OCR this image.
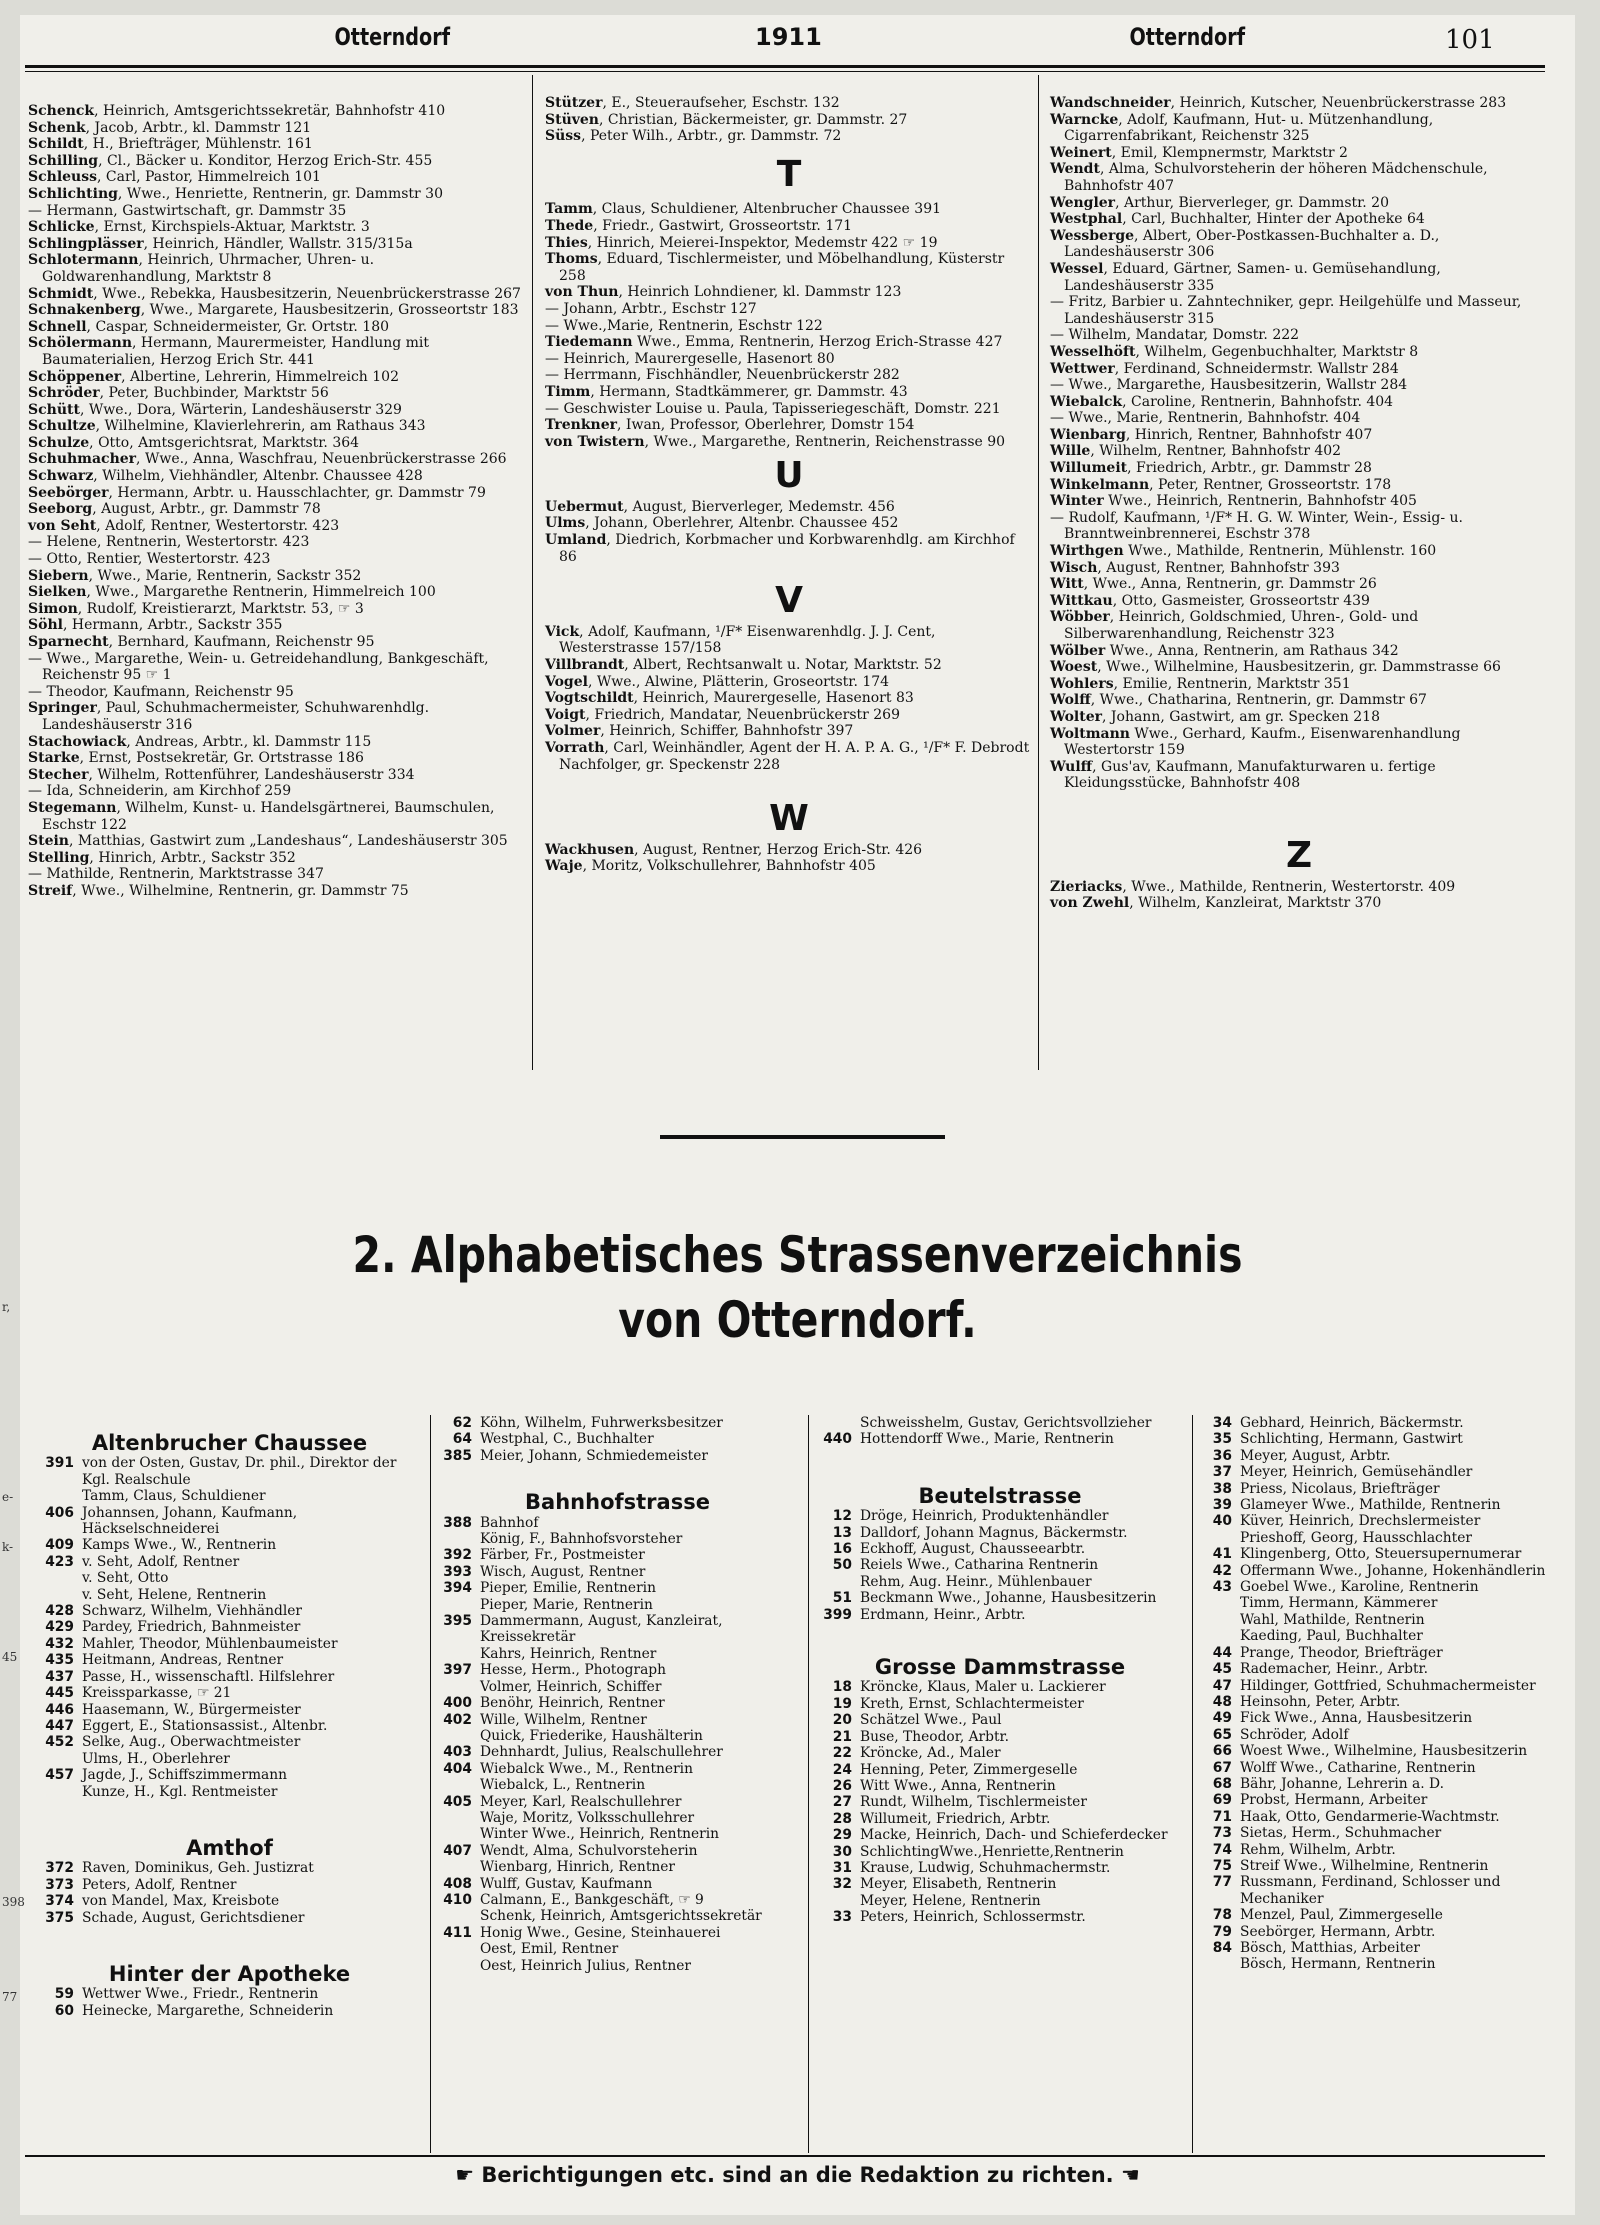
Otterndorf	1911	Otterndorf	101
Schenck, Heinrich, Amtsgerichtssekretär, Bahnhofstr 410
Schenk, Jacob, Arbtr., kl. Dammstr 121
Schildt, H., Briefträger, Mühlenstr. 161
Schilling, Cl., Bäcker u. Konditor, Herzog Erich-Str. 455
Schleuss, Carl, Pastor, Himmelreich 101
Schlichting, Wwe., Henriette, Rentnerin, gr. Dammstr 30
— Hermann, Gastwirtschaft, gr. Dammstr 35
Schlicke, Ernst, Kirchspiels-Aktuar, Marktstr. 3
Schlingplässer, Heinrich, Händler, Wallstr. 315/315a
Schlotermann, Heinrich, Uhrmacher, Uhren- u. Goldwarenhandlung, Marktstr 8
Schmidt, Wwe., Rebekka, Hausbesitzerin, Neuenbrückerstrasse 267
Schnakenberg, Wwe., Margarete, Hausbesitzerin, Grosseortstr 183
Schnell, Caspar, Schneidermeister, Gr. Ortstr. 180
Schölermann, Hermann, Maurermeister, Handlung mit Baumaterialien, Herzog Erich Str. 441
Schöppener, Albertine, Lehrerin, Himmelreich 102
Schröder, Peter, Buchbinder, Marktstr 56
Schütt, Wwe., Dora, Wärterin, Landeshäuserstr 329
Schultze, Wilhelmine, Klavierlehrerin, am Rathaus 343
Schulze, Otto, Amtsgerichtsrat, Marktstr. 364
Schuhmacher, Wwe., Anna, Waschfrau, Neuenbrückerstrasse 266
Schwarz, Wilhelm, Viehhändler, Altenbr. Chaussee 428
Seebörger, Hermann, Arbtr. u. Hausschlachter, gr. Dammstr 79
Seeborg, August, Arbtr., gr. Dammstr 78
von Seht, Adolf, Rentner, Westertorstr. 423
— Helene, Rentnerin, Westertorstr. 423
— Otto, Rentier, Westertorstr. 423
Siebern, Wwe., Marie, Rentnerin, Sackstr 352
Sielken, Wwe., Margarethe Rentnerin, Himmelreich 100
Simon, Rudolf, Kreistierarzt, Marktstr. 53, ☞ 3
Söhl, Hermann, Arbtr., Sackstr 355
Sparnecht, Bernhard, Kaufmann, Reichenstr 95
— Wwe., Margarethe, Wein- u. Getreidehandlung, Bankgeschäft, Reichenstr 95 ☞ 1
— Theodor, Kaufmann, Reichenstr 95
Springer, Paul, Schuhmachermeister, Schuhwarenhdlg. Landeshäuserstr 316
Stachowiack, Andreas, Arbtr., kl. Dammstr 115
Starke, Ernst, Postsekretär, Gr. Ortstrasse 186
Stecher, Wilhelm, Rottenführer, Landeshäuserstr 334
— Ida, Schneiderin, am Kirchhof 259
Stegemann, Wilhelm, Kunst- u. Handelsgärtnerei, Baumschulen, Eschstr 122
Stein, Matthias, Gastwirt zum „Landeshaus“, Landeshäuserstr 305
Stelling, Hinrich, Arbtr., Sackstr 352
— Mathilde, Rentnerin, Marktstrasse 347
Streif, Wwe., Wilhelmine, Rentnerin, gr. Dammstr 75
Stützer, E., Steueraufseher, Eschstr. 132
Stüven, Christian, Bäckermeister, gr. Dammstr. 27
Süss, Peter Wilh., Arbtr., gr. Dammstr. 72
T
Tamm, Claus, Schuldiener, Altenbrucher Chaussee 391
Thede, Friedr., Gastwirt, Grosseortstr. 171
Thies, Hinrich, Meierei-Inspektor, Medemstr 422 ☞ 19
Thoms, Eduard, Tischlermeister, und Möbelhandlung, Küsterstr 258
von Thun, Heinrich Lohndiener, kl. Dammstr 123
— Johann, Arbtr., Eschstr 127
— Wwe.,Marie, Rentnerin, Eschstr 122
Tiedemann Wwe., Emma, Rentnerin, Herzog Erich-Strasse 427
— Heinrich, Maurergeselle, Hasenort 80
— Herrmann, Fischhändler, Neuenbrückerstr 282
Timm, Hermann, Stadtkämmerer, gr. Dammstr. 43
— Geschwister Louise u. Paula, Tapisseriegeschäft, Domstr. 221
Trenkner, Iwan, Professor, Oberlehrer, Domstr 154
von Twistern, Wwe., Margarethe, Rentnerin, Reichenstrasse 90
U
Uebermut, August, Bierverleger, Medemstr. 456
Ulms, Johann, Oberlehrer, Altenbr. Chaussee 452
Umland, Diedrich, Korbmacher und Korbwarenhdlg. am Kirchhof 86
V
Vick, Adolf, Kaufmann, ¹/F* Eisenwarenhdlg. J. J. Cent, Westerstrasse 157/158
Villbrandt, Albert, Rechtsanwalt u. Notar, Marktstr. 52
Vogel, Wwe., Alwine, Plätterin, Groseortstr. 174
Vogtschildt, Heinrich, Maurergeselle, Hasenort 83
Voigt, Friedrich, Mandatar, Neuenbrückerstr 269
Volmer, Heinrich, Schiffer, Bahnhofstr 397
Vorrath, Carl, Weinhändler, Agent der H. A. P. A. G., ¹/F* F. Debrodt Nachfolger, gr. Speckenstr 228
W
Wackhusen, August, Rentner, Herzog Erich-Str. 426
Waje, Moritz, Volkschullehrer, Bahnhofstr 405
Wandschneider, Heinrich, Kutscher, Neuenbrückerstrasse 283
Warncke, Adolf, Kaufmann, Hut- u. Mützenhandlung, Cigarrenfabrikant, Reichenstr 325
Weinert, Emil, Klempnermstr, Marktstr 2
Wendt, Alma, Schulvorsteherin der höheren Mädchenschule, Bahnhofstr 407
Wengler, Arthur, Bierverleger, gr. Dammstr. 20
Westphal, Carl, Buchhalter, Hinter der Apotheke 64
Wessberge, Albert, Ober-Postkassen-Buchhalter a. D., Landeshäuserstr 306
Wessel, Eduard, Gärtner, Samen- u. Gemüsehandlung, Landeshäuserstr 335
— Fritz, Barbier u. Zahntechniker, gepr. Heilgehülfe und Masseur, Landeshäuserstr 315
— Wilhelm, Mandatar, Domstr. 222
Wesselhöft, Wilhelm, Gegenbuchhalter, Marktstr 8
Wettwer, Ferdinand, Schneidermstr. Wallstr 284
— Wwe., Margarethe, Hausbesitzerin, Wallstr 284
Wiebalck, Caroline, Rentnerin, Bahnhofstr. 404
— Wwe., Marie, Rentnerin, Bahnhofstr. 404
Wienbarg, Hinrich, Rentner, Bahnhofstr 407
Wille, Wilhelm, Rentner, Bahnhofstr 402
Willumeit, Friedrich, Arbtr., gr. Dammstr 28
Winkelmann, Peter, Rentner, Grosseortstr. 178
Winter Wwe., Heinrich, Rentnerin, Bahnhofstr 405
— Rudolf, Kaufmann, ¹/F* H. G. W. Winter, Wein-, Essig- u. Branntweinbrennerei, Eschstr 378
Wirthgen Wwe., Mathilde, Rentnerin, Mühlenstr. 160
Wisch, August, Rentner, Bahnhofstr 393
Witt, Wwe., Anna, Rentnerin, gr. Dammstr 26
Wittkau, Otto, Gasmeister, Grosseortstr 439
Wöbber, Heinrich, Goldschmied, Uhren-, Gold- und Silberwarenhandlung, Reichenstr 323
Wölber Wwe., Anna, Rentnerin, am Rathaus 342
Woest, Wwe., Wilhelmine, Hausbesitzerin, gr. Dammstrasse 66
Wohlers, Emilie, Rentnerin, Marktstr 351
Wolff, Wwe., Chatharina, Rentnerin, gr. Dammstr 67
Wolter, Johann, Gastwirt, am gr. Specken 218
Woltmann Wwe., Gerhard, Kaufm., Eisenwarenhandlung Westertorstr 159
Wulff, Gus'av, Kaufmann, Manufakturwaren u. fertige Kleidungsstücke, Bahnhofstr 408
Z
Zieriacks, Wwe., Mathilde, Rentnerin, Westertorstr. 409
von Zwehl, Wilhelm, Kanzleirat, Marktstr 370
2. Alphabetisches Strassenverzeichnis
von Otterndorf.
Altenbrucher Chaussee
391 von der Osten, Gustav, Dr. phil., Direktor der Kgl. Realschule
Tamm, Claus, Schuldiener
406 Johannsen, Johann, Kaufmann, Häckselschneiderei
409 Kamps Wwe., W., Rentnerin
423 v. Seht, Adolf, Rentner
v. Seht, Otto
v. Seht, Helene, Rentnerin
428 Schwarz, Wilhelm, Viehhändler
429 Pardey, Friedrich, Bahnmeister
432 Mahler, Theodor, Mühlenbaumeister
435 Heitmann, Andreas, Rentner
437 Passe, H., wissenschaftl. Hilfslehrer
445 Kreissparkasse, ☞ 21
446 Haasemann, W., Bürgermeister
447 Eggert, E., Stationsassist., Altenbr.
452 Selke, Aug., Oberwachtmeister
Ulms, H., Oberlehrer
457 Jagde, J., Schiffszimmermann
Kunze, H., Kgl. Rentmeister
Amthof
372 Raven, Dominikus, Geh. Justizrat
373 Peters, Adolf, Rentner
374 von Mandel, Max, Kreisbote
375 Schade, August, Gerichtsdiener
Hinter der Apotheke
59 Wettwer Wwe., Friedr., Rentnerin
60 Heinecke, Margarethe, Schneiderin
62 Köhn, Wilhelm, Fuhrwerksbesitzer
64 Westphal, C., Buchhalter
385 Meier, Johann, Schmiedemeister
Bahnhofstrasse
388 Bahnhof
König, F., Bahnhofsvorsteher
392 Färber, Fr., Postmeister
393 Wisch, August, Rentner
394 Pieper, Emilie, Rentnerin
Pieper, Marie, Rentnerin
395 Dammermann, August, Kanzleirat, Kreissekretär
Kahrs, Heinrich, Rentner
397 Hesse, Herm., Photograph
Volmer, Heinrich, Schiffer
400 Benöhr, Heinrich, Rentner
402 Wille, Wilhelm, Rentner
Quick, Friederike, Haushälterin
403 Dehnhardt, Julius, Realschullehrer
404 Wiebalck Wwe., M., Rentnerin
Wiebalck, L., Rentnerin
405 Meyer, Karl, Realschullehrer
Waje, Moritz, Volksschullehrer
Winter Wwe., Heinrich, Rentnerin
407 Wendt, Alma, Schulvorsteherin
Wienbarg, Hinrich, Rentner
408 Wulff, Gustav, Kaufmann
410 Calmann, E., Bankgeschäft, ☞ 9
Schenk, Heinrich, Amtsgerichtssekretär
411 Honig Wwe., Gesine, Steinhauerei
Oest, Emil, Rentner
Oest, Heinrich Julius, Rentner
Schweisshelm, Gustav, Gerichtsvollzieher
440 Hottendorff Wwe., Marie, Rentnerin
Beutelstrasse
12 Dröge, Heinrich, Produktenhändler
13 Dalldorf, Johann Magnus, Bäckermstr.
16 Eckhoff, August, Chausseearbtr.
50 Reiels Wwe., Catharina Rentnerin
Rehm, Aug. Heinr., Mühlenbauer
51 Beckmann Wwe., Johanne, Hausbesitzerin
399 Erdmann, Heinr., Arbtr.
Grosse Dammstrasse
18 Kröncke, Klaus, Maler u. Lackierer
19 Kreth, Ernst, Schlachtermeister
20 Schätzel Wwe., Paul
21 Buse, Theodor, Arbtr.
22 Kröncke, Ad., Maler
24 Henning, Peter, Zimmergeselle
26 Witt Wwe., Anna, Rentnerin
27 Rundt, Wilhelm, Tischlermeister
28 Willumeit, Friedrich, Arbtr.
29 Macke, Heinrich, Dach- und Schieferdecker
30 SchlichtingWwe.,Henriette,Rentnerin
31 Krause, Ludwig, Schuhmachermstr.
32 Meyer, Elisabeth, Rentnerin
Meyer, Helene, Rentnerin
33 Peters, Heinrich, Schlossermstr.
34 Gebhard, Heinrich, Bäckermstr.
35 Schlichting, Hermann, Gastwirt
36 Meyer, August, Arbtr.
37 Meyer, Heinrich, Gemüsehändler
38 Priess, Nicolaus, Briefträger
39 Glameyer Wwe., Mathilde, Rentnerin
40 Küver, Heinrich, Drechslermeister
Prieshoff, Georg, Hausschlachter
41 Klingenberg, Otto, Steuersupernumerar
42 Offermann Wwe., Johanne, Hokenhändlerin
43 Goebel Wwe., Karoline, Rentnerin
Timm, Hermann, Kämmerer
Wahl, Mathilde, Rentnerin
Kaeding, Paul, Buchhalter
44 Prange, Theodor, Briefträger
45 Rademacher, Heinr., Arbtr.
47 Hildinger, Gottfried, Schuhmachermeister
48 Heinsohn, Peter, Arbtr.
49 Fick Wwe., Anna, Hausbesitzerin
65 Schröder, Adolf
66 Woest Wwe., Wilhelmine, Hausbesitzerin
67 Wolff Wwe., Catharine, Rentnerin
68 Bähr, Johanne, Lehrerin a. D.
69 Probst, Hermann, Arbeiter
71 Haak, Otto, Gendarmerie-Wachtmstr.
73 Sietas, Herm., Schuhmacher
74 Rehm, Wilhelm, Arbtr.
75 Streif Wwe., Wilhelmine, Rentnerin
77 Russmann, Ferdinand, Schlosser und Mechaniker
78 Menzel, Paul, Zimmergeselle
79 Seebörger, Hermann, Arbtr.
84 Bösch, Matthias, Arbeiter
Bösch, Hermann, Rentnerin
☛ Berichtigungen etc. sind an die Redaktion zu richten. ☚
r,
e-
k-
45
398
77
